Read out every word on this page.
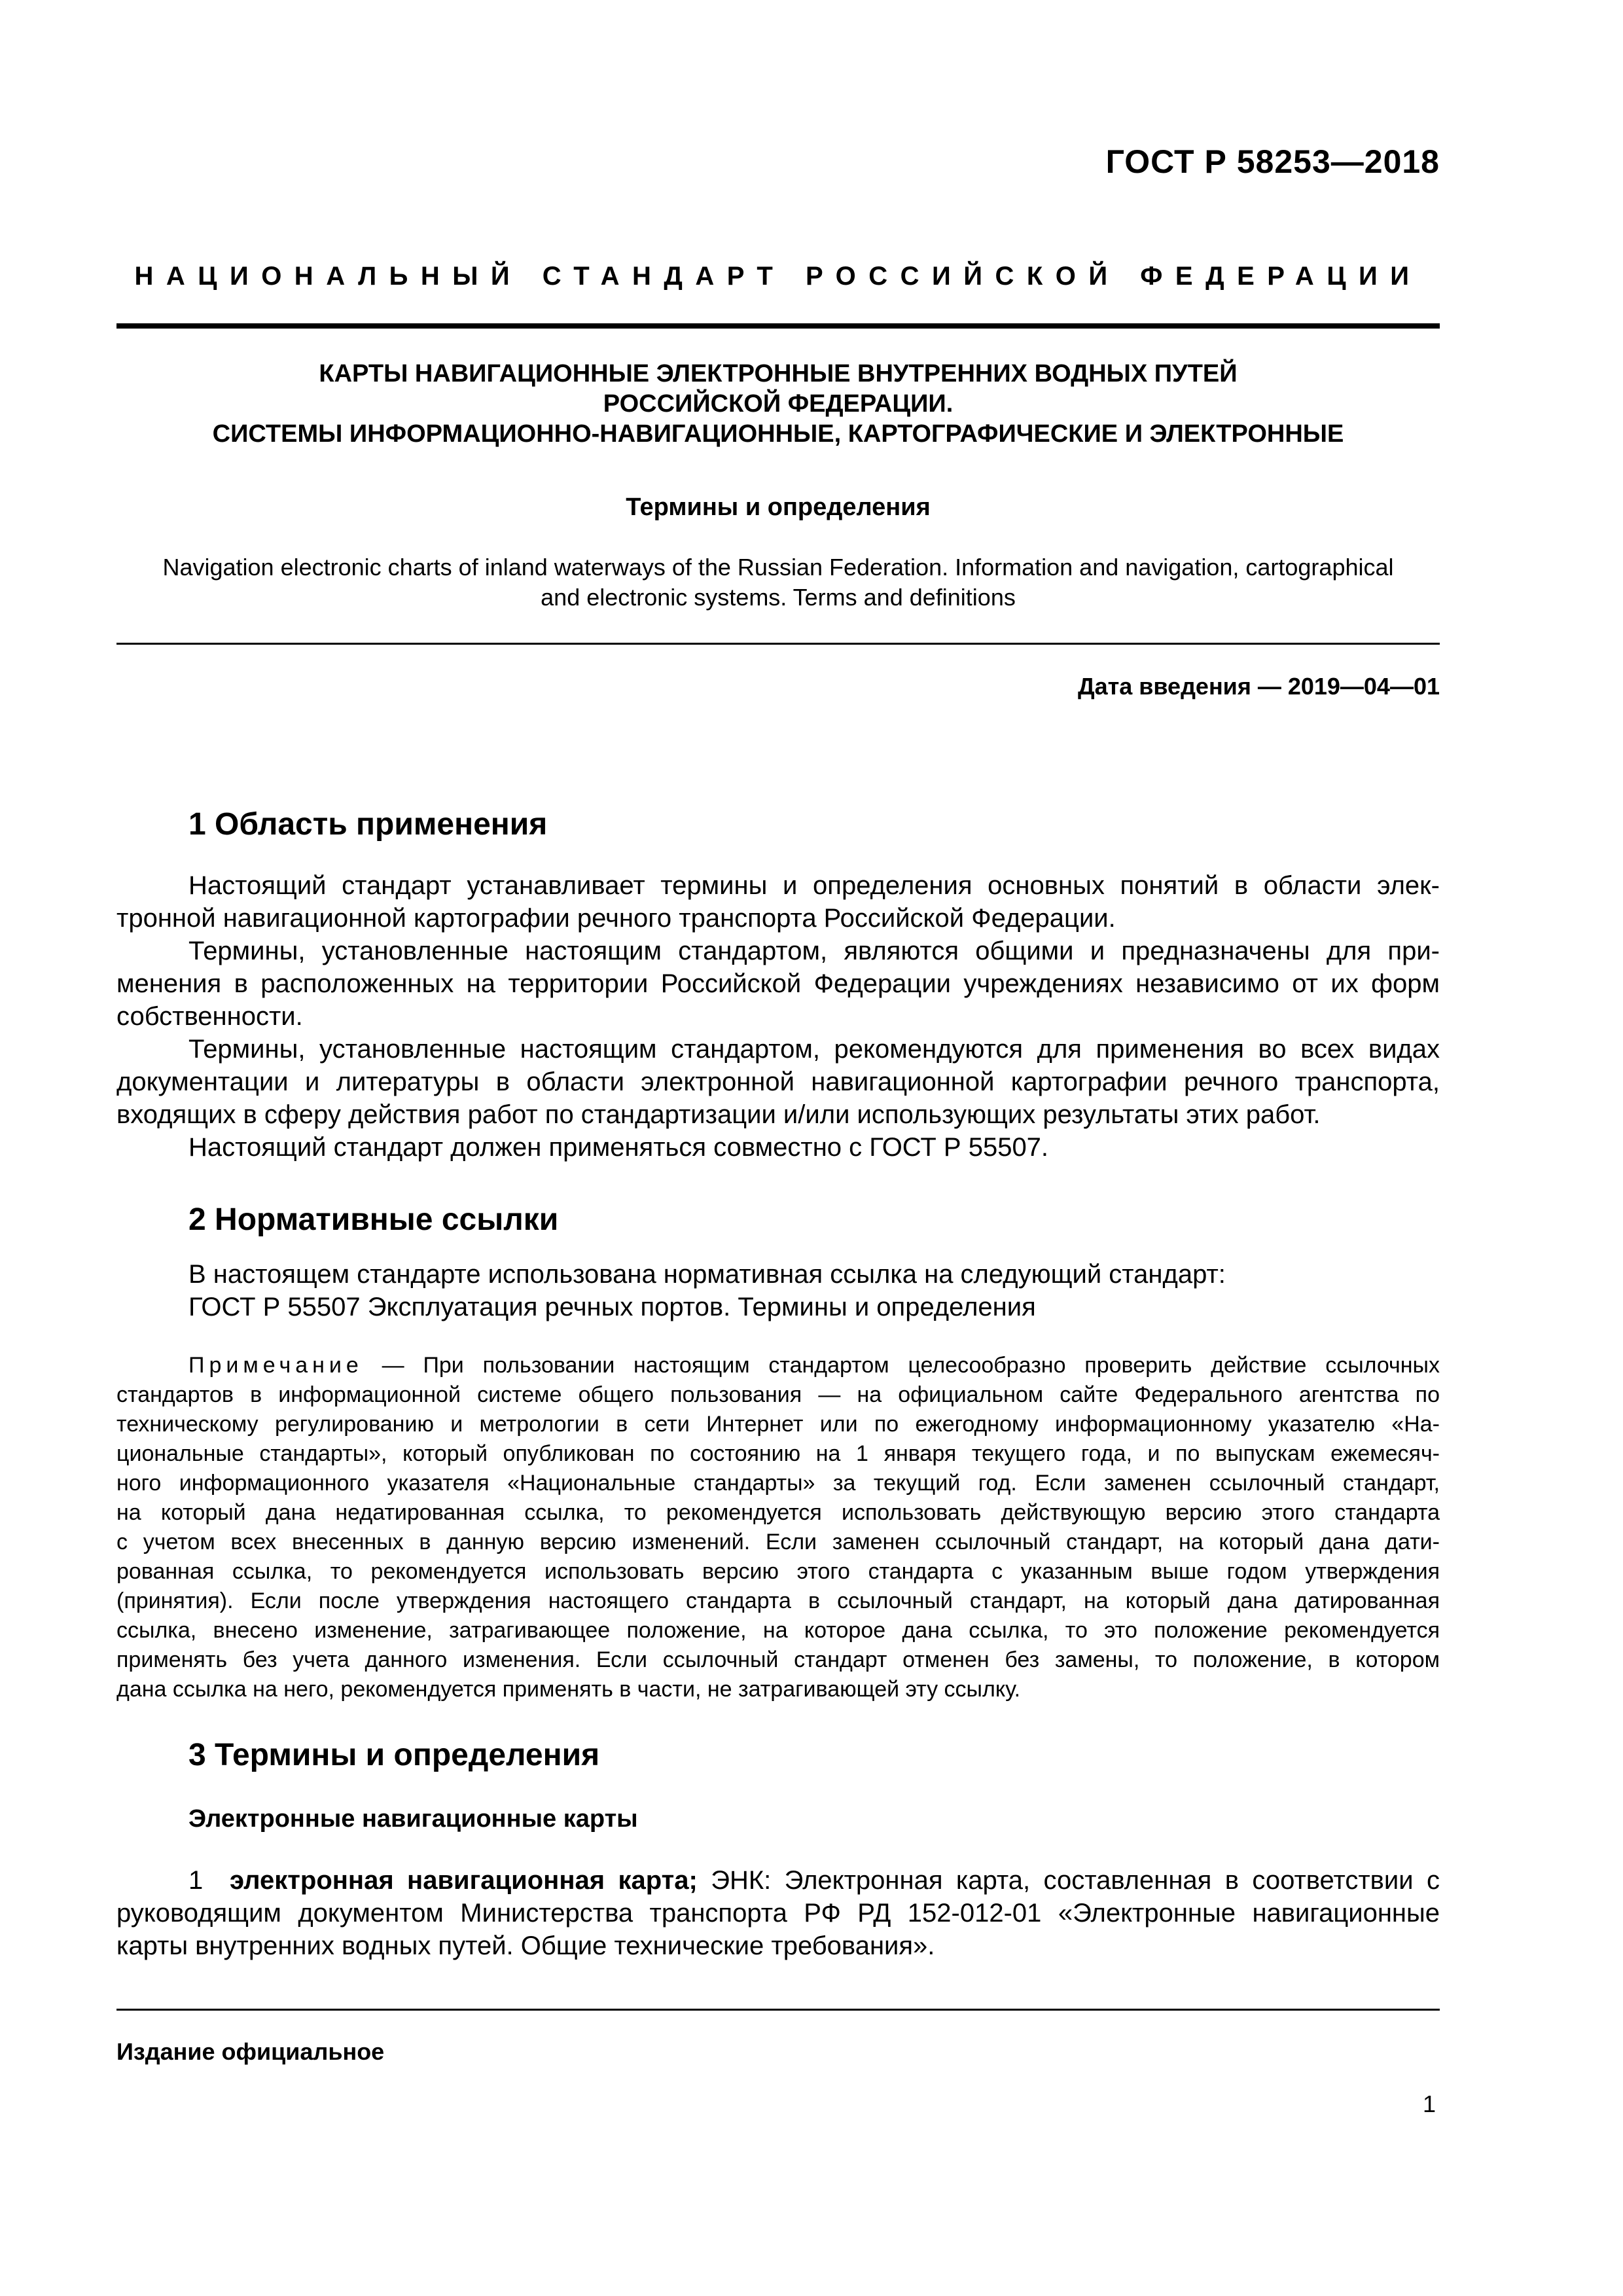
ГОСТ Р 58253—2018
НАЦИОНАЛЬНЫЙ СТАНДАРТ РОССИЙСКОЙ ФЕДЕРАЦИИ
КАРТЫ НАВИГАЦИОННЫЕ ЭЛЕКТРОННЫЕ ВНУТРЕННИХ ВОДНЫХ ПУТЕЙ
РОССИЙСКОЙ ФЕДЕРАЦИИ.
СИСТЕМЫ ИНФОРМАЦИОННО-НАВИГАЦИОННЫЕ, КАРТОГРАФИЧЕСКИЕ И ЭЛЕКТРОННЫЕ
Термины и определения
Navigation electronic charts of inland waterways of the Russian Federation. Information and navigation, cartographical
and electronic systems. Terms and definitions
Дата введения — 2019—04—01
1 Область применения
Настоящий стандарт устанавливает термины и определения основных понятий в области элек-
тронной навигационной картографии речного транспорта Российской Федерации.
Термины, установленные настоящим стандартом, являются общими и предназначены для при-
менения в расположенных на территории Российской Федерации учреждениях независимо от их форм
собственности.
Термины, установленные настоящим стандартом, рекомендуются для применения во всех видах
документации и литературы в области электронной навигационной картографии речного транспорта,
входящих в сферу действия работ по стандартизации и/или использующих результаты этих работ.
Настоящий стандарт должен применяться совместно с ГОСТ Р 55507.
2 Нормативные ссылки
В настоящем стандарте использована нормативная ссылка на следующий стандарт:
ГОСТ Р 55507 Эксплуатация речных портов. Термины и определения
Примечание — При пользовании настоящим стандартом целесообразно проверить действие ссылочных
стандартов в информационной системе общего пользования — на официальном сайте Федерального агентства по
техническому регулированию и метрологии в сети Интернет или по ежегодному информационному указателю «На-
циональные стандарты», который опубликован по состоянию на 1 января текущего года, и по выпускам ежемесяч-
ного информационного указателя «Национальные стандарты» за текущий год. Если заменен ссылочный стандарт,
на который дана недатированная ссылка, то рекомендуется использовать действующую версию этого стандарта
с учетом всех внесенных в данную версию изменений. Если заменен ссылочный стандарт, на который дана дати-
рованная ссылка, то рекомендуется использовать версию этого стандарта с указанным выше годом утверждения
(принятия). Если после утверждения настоящего стандарта в ссылочный стандарт, на который дана датированная
ссылка, внесено изменение, затрагивающее положение, на которое дана ссылка, то это положение рекомендуется
применять без учета данного изменения. Если ссылочный стандарт отменен без замены, то положение, в котором
дана ссылка на него, рекомендуется применять в части, не затрагивающей эту ссылку.
3 Термины и определения
Электронные навигационные карты
1 электронная навигационная карта; ЭНК: Электронная карта, составленная в соответствии с
руководящим документом Министерства транспорта РФ РД 152-012-01 «Электронные навигационные
карты внутренних водных путей. Общие технические требования».
Издание официальное
1
